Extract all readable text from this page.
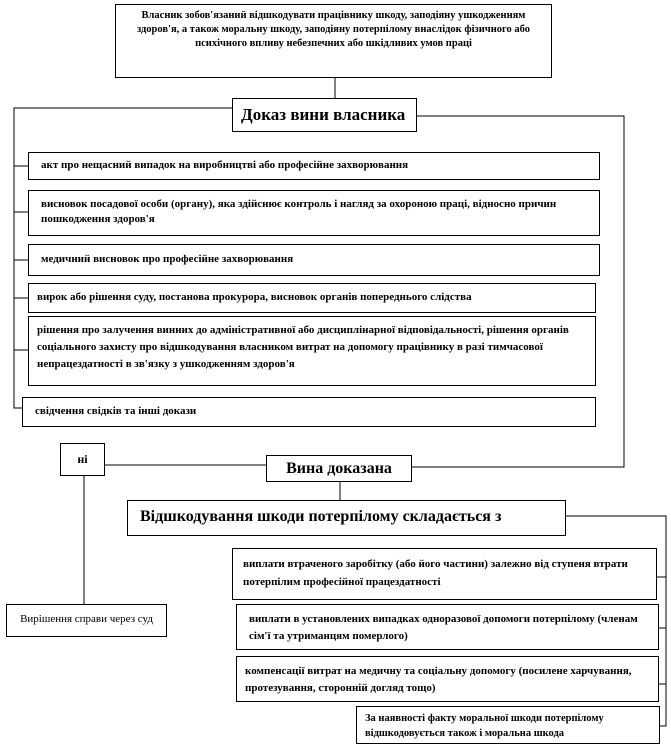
Власник зобов'язаний відшкодувати працівнику шкоду, заподіяну ушкодженням здоров'я, а також моральну шкоду, заподіяну потерпілому внаслідок фізичного або психічного впливу небезпечних або шкідливих умов праці
Доказ вини власника
акт про нещасний випадок на виробництві або професійне захворювання
висновок посадової особи (органу), яка здійснює контроль і нагляд за охороною праці, відносно причин пошкодження здоров'я
медичний висновок про професійне захворювання
вирок або рішення суду, постанова прокурора, висновок органів попереднього слідства
рішення про залучення винних до адміністративної або дисциплінарної відповідальності, рішення органів соціального захисту про відшкодування власником витрат на допомогу працівнику в разі тимчасової непрацездатності в зв'язку з ушкодженням здоров'я
свідчення свідків та інші докази
ні
Вина доказана
Відшкодування шкоди потерпілому складається з
виплати втраченого заробітку (або його частини) залежно від ступеня втрати потерпілим професійної працездатності
виплати в установлених випадках одноразової допомоги потерпілому (членам сім'ї та утриманцям померлого)
компенсації витрат на медичну та соціальну допомогу (посилене харчування, протезування, сторонній догляд тощо)
За наявності факту моральної шкоди потерпілому відшкодовується також і моральна шкода
Вирішення справи через суд
